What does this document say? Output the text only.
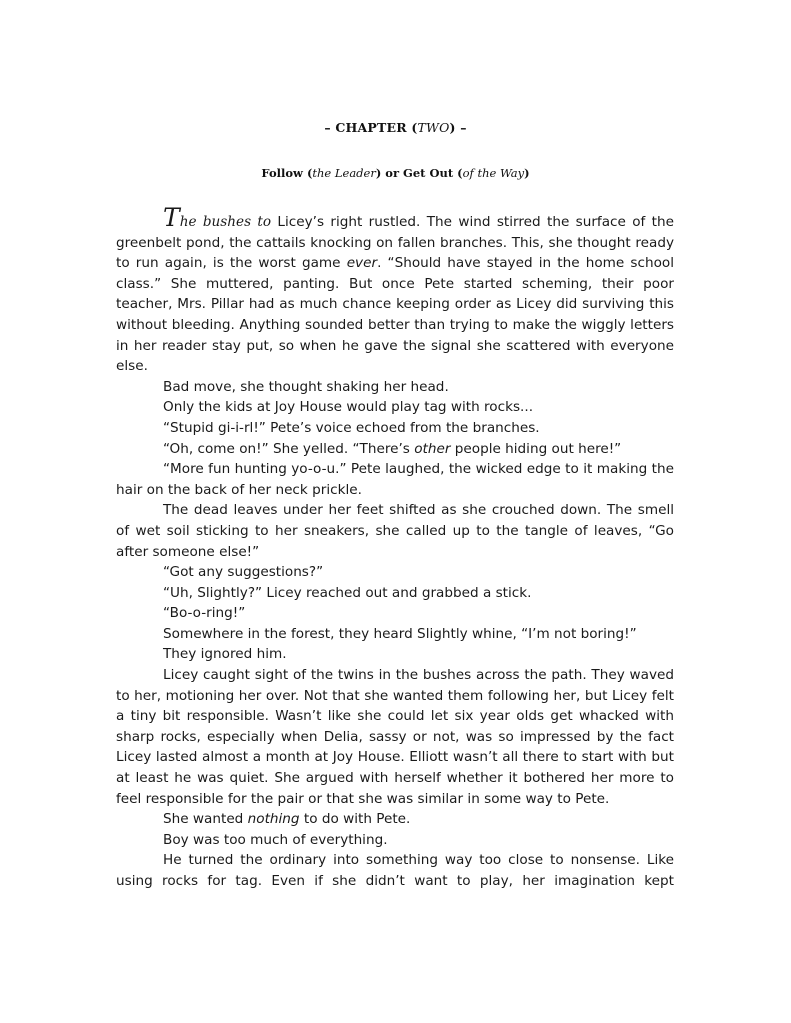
– CHAPTER (TWO) –
Follow (the Leader) or Get Out (of the Way)

The bushes to Licey’s right rustled. The wind stirred the surface of the greenbelt pond, the cattails knocking on fallen branches. This, she thought ready to run again, is the worst game ever. “Should have stayed in the home school class.” She muttered, panting. But once Pete started scheming, their poor teacher, Mrs. Pillar had as much chance keeping order as Licey did surviving this without bleeding. Anything sounded better than trying to make the wiggly letters in her reader stay put, so when he gave the signal she scattered with everyone else.

Bad move, she thought shaking her head.

Only the kids at Joy House would play tag with rocks...

“Stupid gi-i-rl!” Pete’s voice echoed from the branches.

“Oh, come on!” She yelled. “There’s other people hiding out here!”

“More fun hunting yo-o-u.” Pete laughed, the wicked edge to it making the hair on the back of her neck prickle.

The dead leaves under her feet shifted as she crouched down. The smell of wet soil sticking to her sneakers, she called up to the tangle of leaves, “Go after someone else!”

“Got any suggestions?”

“Uh, Slightly?” Licey reached out and grabbed a stick.

“Bo-o-ring!”

Somewhere in the forest, they heard Slightly whine, “I’m not boring!”

They ignored him.

Licey caught sight of the twins in the bushes across the path. They waved to her, motioning her over. Not that she wanted them following her, but Licey felt a tiny bit responsible. Wasn’t like she could let six year olds get whacked with sharp rocks, especially when Delia, sassy or not, was so impressed by the fact Licey lasted almost a month at Joy House. Elliott wasn’t all there to start with but at least he was quiet. She argued with herself whether it bothered her more to feel responsible for the pair or that she was similar in some way to Pete.

She wanted nothing to do with Pete.

Boy was too much of everything.

He turned the ordinary into something way too close to nonsense. Like using rocks for tag. Even if she didn’t want to play, her imagination kept
